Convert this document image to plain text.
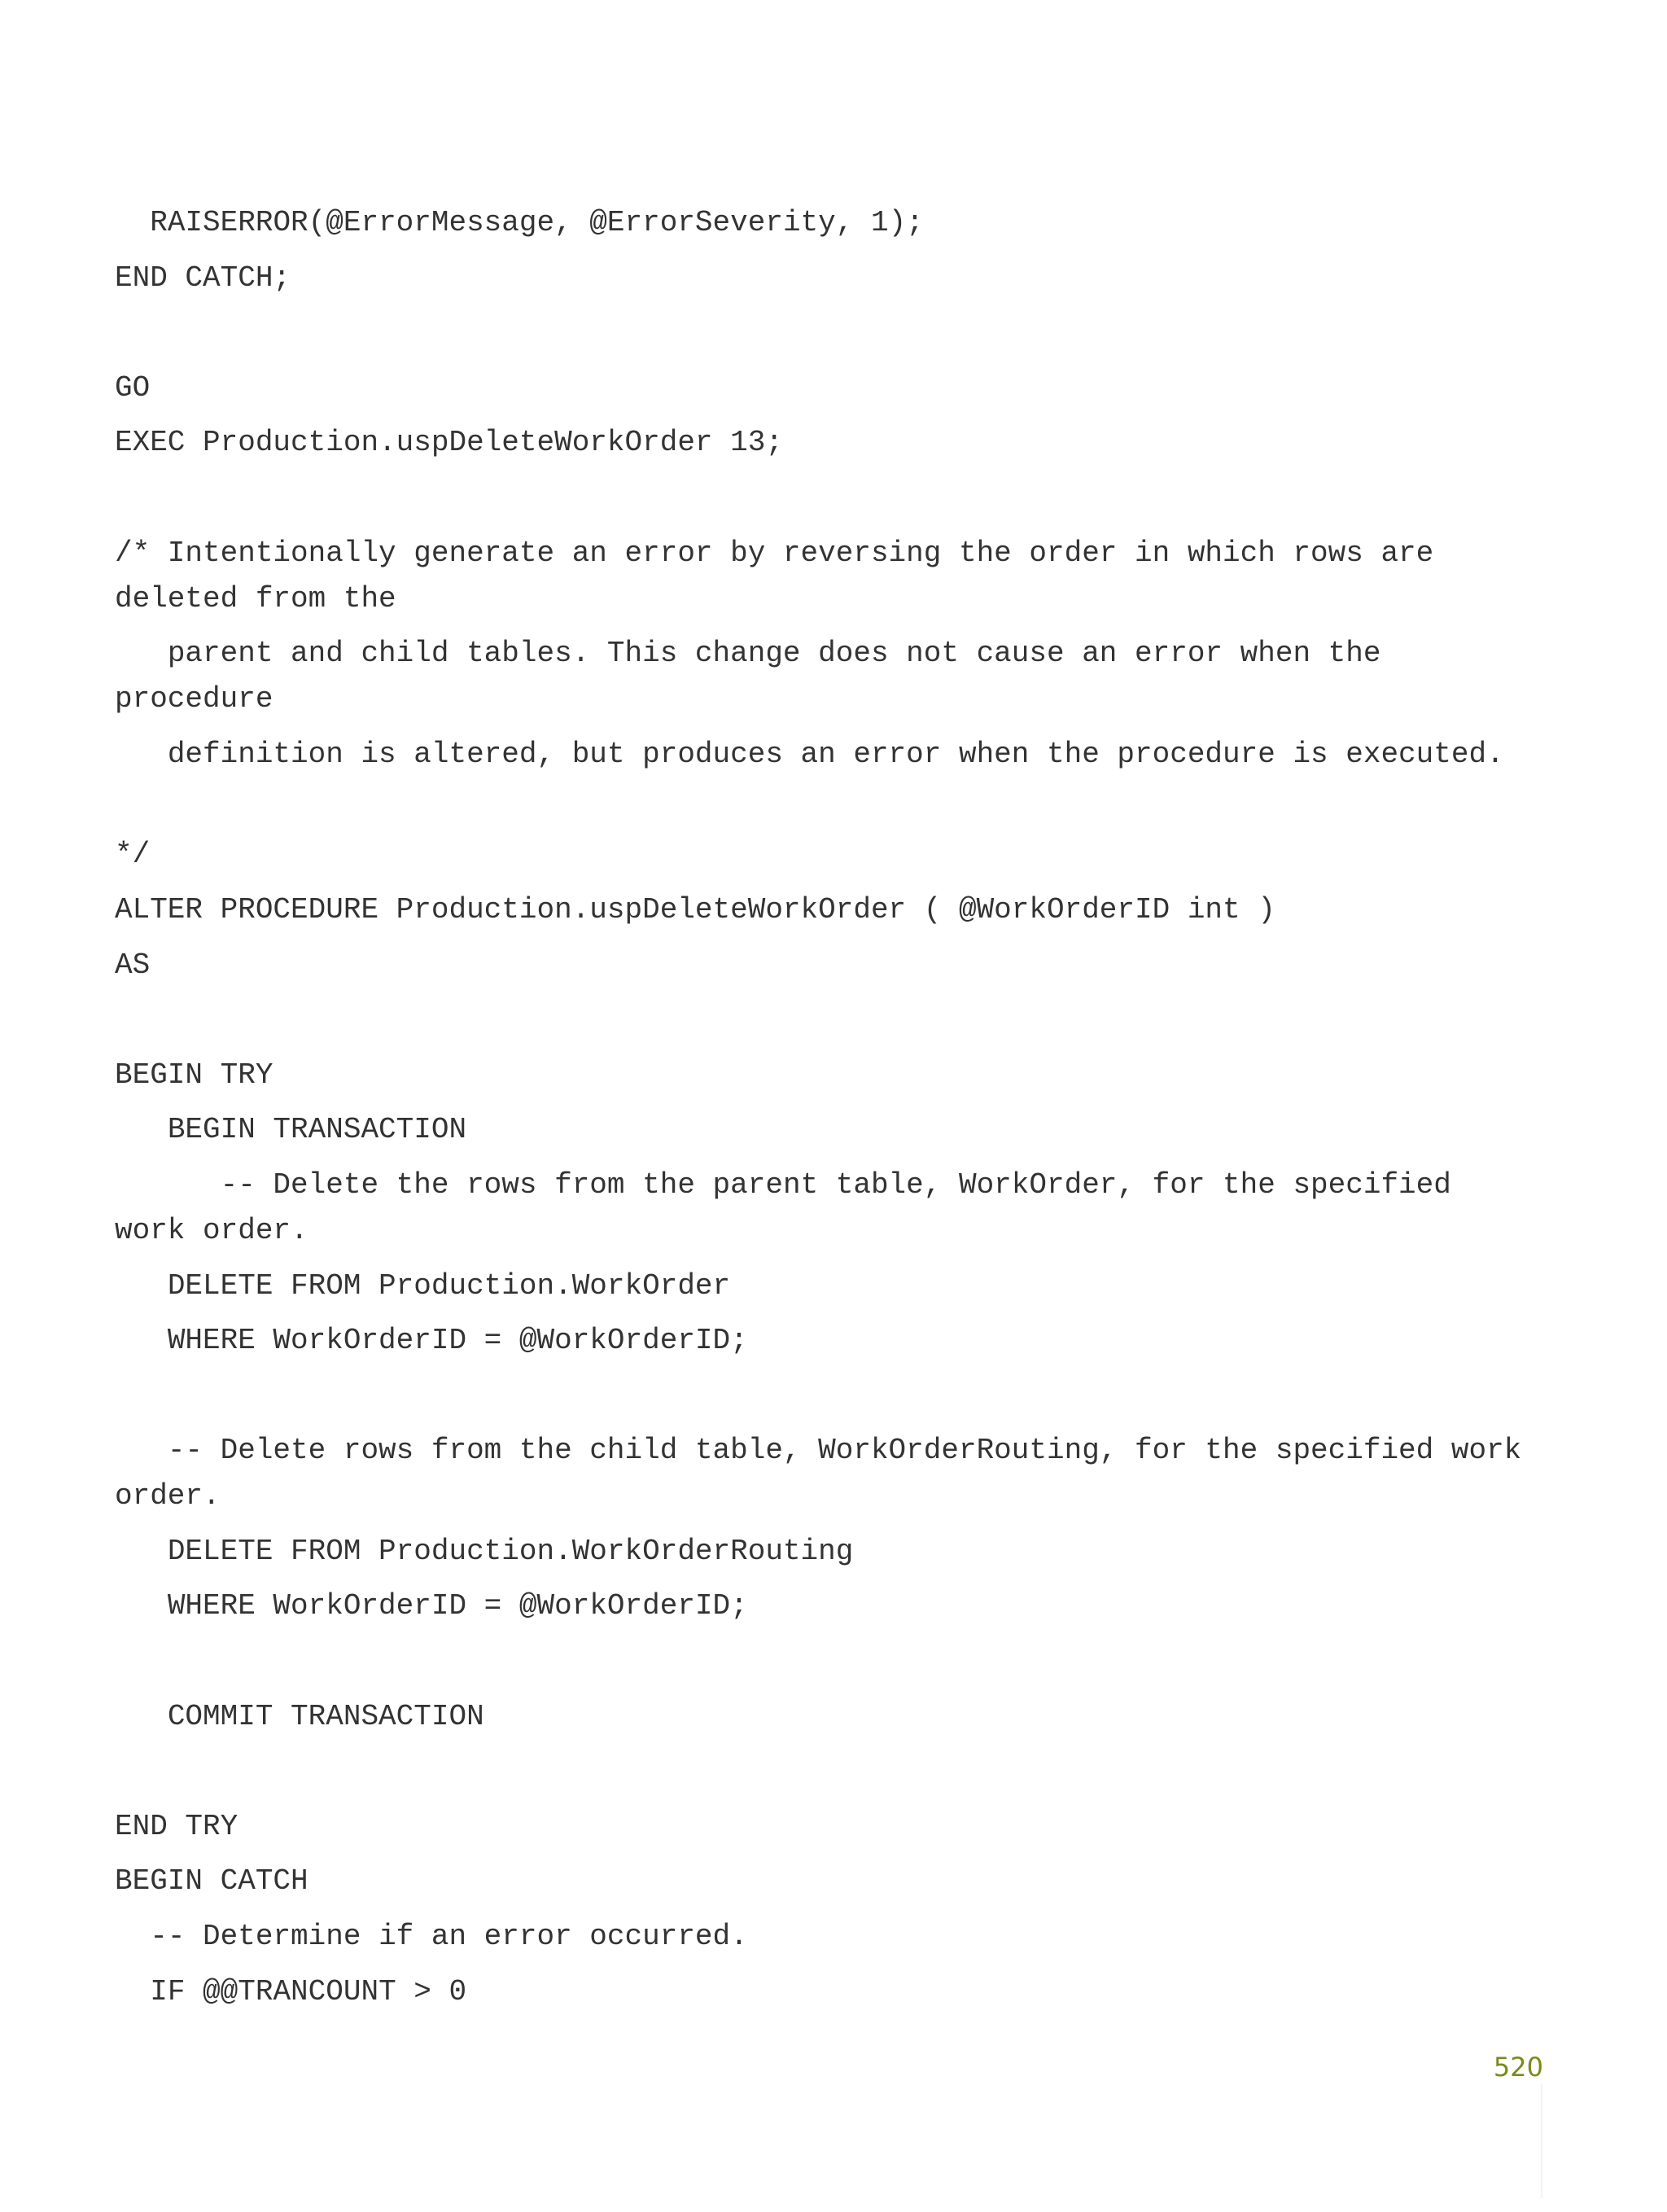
RAISERROR(@ErrorMessage, @ErrorSeverity, 1);
END CATCH;
GO
EXEC Production.uspDeleteWorkOrder 13;
/* Intentionally generate an error by reversing the order in which rows are deleted from the
parent and child tables. This change does not cause an error when the procedure
definition is altered, but produces an error when the procedure is executed.
*/
ALTER PROCEDURE Production.uspDeleteWorkOrder ( @WorkOrderID int )
AS
BEGIN TRY
BEGIN TRANSACTION
-- Delete the rows from the parent table, WorkOrder, for the specified work order.
DELETE FROM Production.WorkOrder
WHERE WorkOrderID = @WorkOrderID;
-- Delete rows from the child table, WorkOrderRouting, for the specified work order.
DELETE FROM Production.WorkOrderRouting
WHERE WorkOrderID = @WorkOrderID;
COMMIT TRANSACTION
END TRY
BEGIN CATCH
-- Determine if an error occurred.
IF @@TRANCOUNT > 0
520
